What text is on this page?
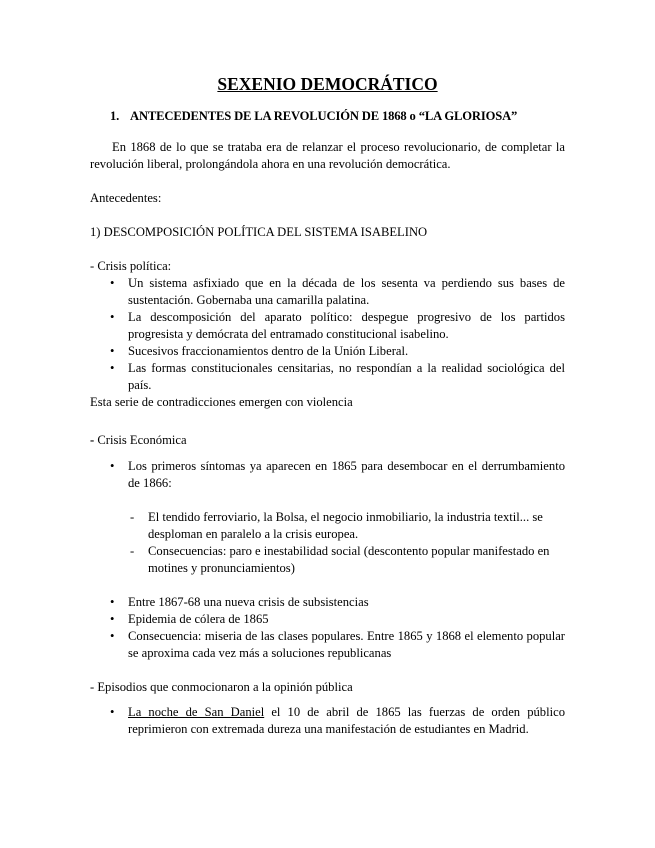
SEXENIO DEMOCRÁTICO
1. ANTECEDENTES DE LA REVOLUCIÓN DE 1868 o “LA GLORIOSA”
En 1868 de lo que se trataba era de relanzar el proceso revolucionario, de completar la revolución liberal, prolongándola ahora en una revolución democrática.
Antecedentes:
1) DESCOMPOSICIÓN POLÍTICA DEL SISTEMA ISABELINO
- Crisis política:
• Un sistema asfixiado que en la década de los sesenta va perdiendo sus bases de sustentación. Gobernaba una camarilla palatina.
• La descomposición del aparato político: despegue progresivo de los partidos progresista y demócrata del entramado constitucional isabelino.
• Sucesivos fraccionamientos dentro de la Unión Liberal.
• Las formas constitucionales censitarias, no respondían a la realidad sociológica del país.
Esta serie de contradicciones emergen con violencia
- Crisis Económica
• Los primeros síntomas ya aparecen en 1865 para desembocar en el derrumbamiento de 1866:
- El tendido ferroviario, la Bolsa, el negocio inmobiliario, la industria textil... se desploman en paralelo a la crisis europea.
- Consecuencias: paro e inestabilidad social (descontento popular manifestado en motines y pronunciamientos)
• Entre 1867-68 una nueva crisis de subsistencias
• Epidemia de cólera de 1865
• Consecuencia: miseria de las clases populares. Entre 1865 y 1868 el elemento popular se aproxima cada vez más a soluciones republicanas
- Episodios que conmocionaron a la opinión pública
• La noche de San Daniel el 10 de abril de 1865 las fuerzas de orden público reprimieron con extremada dureza una manifestación de estudiantes en Madrid.
